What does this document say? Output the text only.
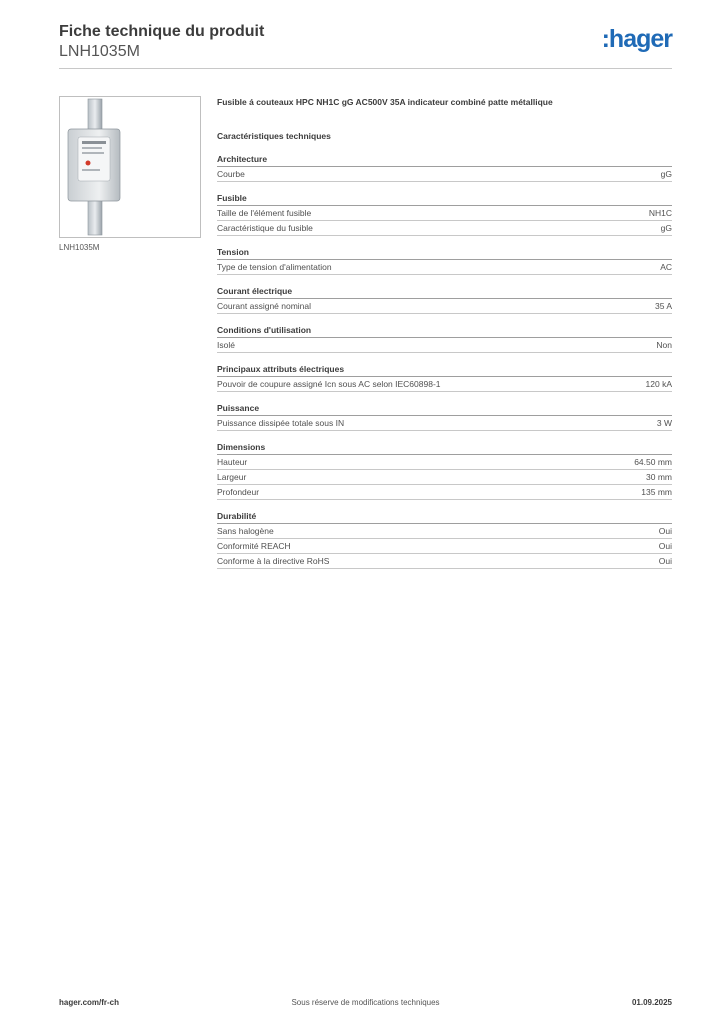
Fiche technique du produit
LNH1035M	:hager
LNH1035M
Fusible á couteaux HPC NH1C gG AC500V 35A indicateur combiné patte métallique
Caractéristiques techniques
Architecture
Courbe	gG
Fusible
Taille de l'élément fusible	NH1C
Caractéristique du fusible	gG
Tension
Type de tension d'alimentation	AC
Courant électrique
Courant assigné nominal	35 A
Conditions d'utilisation
Isolé	Non
Principaux attributs électriques
Pouvoir de coupure assigné Icn sous AC selon IEC60898-1	120 kA
Puissance
Puissance dissipée totale sous IN	3 W
Dimensions
Hauteur	64.50 mm
Largeur	30 mm
Profondeur	135 mm
Durabilité
Sans halogène	Oui
Conformité REACH	Oui
Conforme à la directive RoHS	Oui
hager.com/fr-ch	Sous réserve de modifications techniques	01.09.2025
